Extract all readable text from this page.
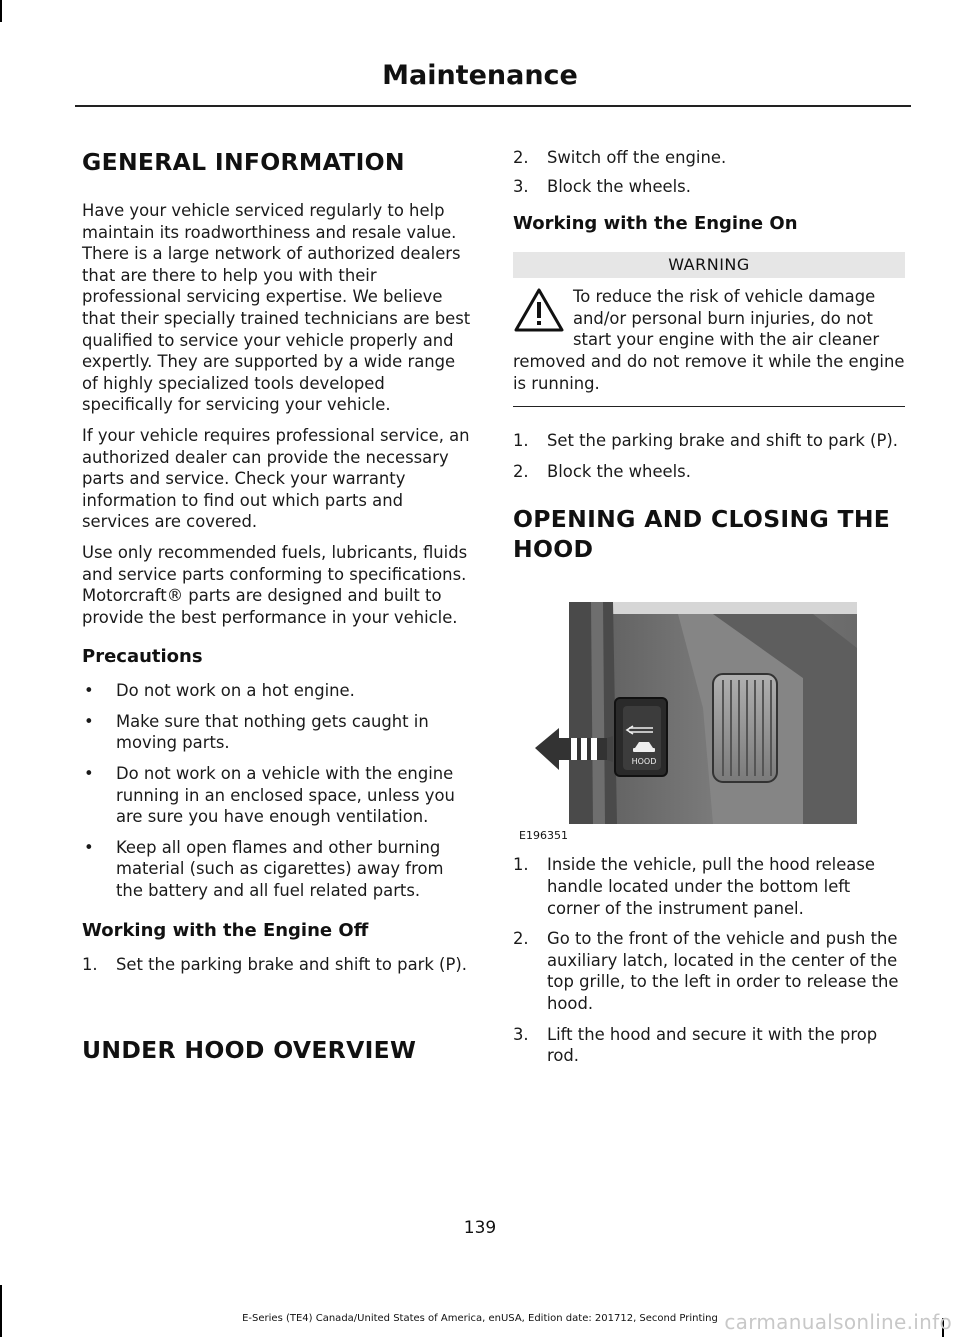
Maintenance
GENERAL INFORMATION

Have your vehicle serviced regularly to help maintain its roadworthiness and resale value. There is a large network of authorized dealers that are there to help you with their professional servicing expertise. We believe that their specially trained technicians are best qualified to service your vehicle properly and expertly. They are supported by a wide range of highly specialized tools developed specifically for servicing your vehicle.

If your vehicle requires professional service, an authorized dealer can provide the necessary parts and service. Check your warranty information to find out which parts and services are covered.

Use only recommended fuels, lubricants, fluids and service parts conforming to specifications. Motorcraft® parts are designed and built to provide the best performance in your vehicle.

Precautions
• Do not work on a hot engine.
• Make sure that nothing gets caught in moving parts.
• Do not work on a vehicle with the engine running in an enclosed space, unless you are sure you have enough ventilation.
• Keep all open flames and other burning material (such as cigarettes) away from the battery and all fuel related parts.
Working with the Engine Off
1. Set the parking brake and shift to park (P).
UNDER HOOD OVERVIEW
2. Switch off the engine.
3. Block the wheels.
Working with the Engine On
WARNING

To reduce the risk of vehicle damage and/or personal burn injuries, do not start your engine with the air cleaner removed and do not remove it while the engine is running.

1. Set the parking brake and shift to park (P).
2. Block the wheels.
OPENING AND CLOSING THE
HOOD
HOOD
E196351
1. Inside the vehicle, pull the hood release handle located under the bottom left corner of the instrument panel.
2. Go to the front of the vehicle and push the auxiliary latch, located in the center of the top grille, to the left in order to release the hood.
3. Lift the hood and secure it with the prop rod.
139
E-Series (TE4) Canada/United States of America, enUSA, Edition date: 201712, Second Printing carmanualsonline.info
